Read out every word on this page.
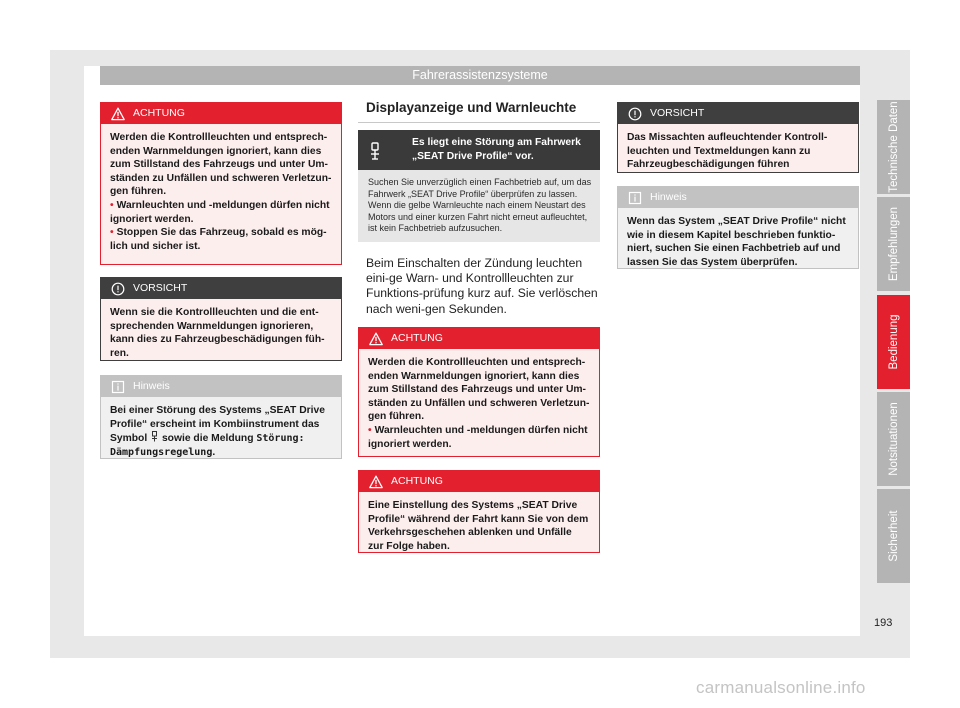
Fahrerassistenzsysteme
ACHTUNG
Werden die Kontrollleuchten und entsprech-enden Warnmeldungen ignoriert, kann dies zum Stillstand des Fahrzeugs und unter Um-ständen zu Unfällen und schweren Verletzun-gen führen.
• Warnleuchten und -meldungen dürfen nicht ignoriert werden.
• Stoppen Sie das Fahrzeug, sobald es mög-lich und sicher ist.
VORSICHT
Wenn sie die Kontrollleuchten und die ent-sprechenden Warnmeldungen ignorieren, kann dies zu Fahrzeugbeschädigungen füh-ren.
Hinweis
Bei einer Störung des Systems „SEAT Drive Profile“ erscheint im Kombiinstrument das Symbol sowie die Meldung Störung: Dämpfungsregelung.
Displayanzeige und Warnleuchte
Es liegt eine Störung am Fahrwerk „SEAT Drive Profile“ vor.
Suchen Sie unverzüglich einen Fachbetrieb auf, um das Fahrwerk „SEAT Drive Profile“ überprüfen zu lassen. Wenn die gelbe Warnleuchte nach einem Neustart des Motors und einer kurzen Fahrt nicht erneut aufleuchtet, ist kein Fachbetrieb aufzusuchen.
Beim Einschalten der Zündung leuchten eini-ge Warn- und Kontrollleuchten zur Funktions-prüfung kurz auf. Sie verlöschen nach weni-gen Sekunden.
ACHTUNG
Werden die Kontrollleuchten und entsprech-enden Warnmeldungen ignoriert, kann dies zum Stillstand des Fahrzeugs und unter Um-ständen zu Unfällen und schweren Verletzun-gen führen.
• Warnleuchten und -meldungen dürfen nicht ignoriert werden.
ACHTUNG
Eine Einstellung des Systems „SEAT Drive Profile“ während der Fahrt kann Sie von dem Verkehrsgeschehen ablenken und Unfälle zur Folge haben.
VORSICHT
Das Missachten aufleuchtender Kontroll-leuchten und Textmeldungen kann zu Fahrzeugbeschädigungen führen
Hinweis
Wenn das System „SEAT Drive Profile“ nicht wie in diesem Kapitel beschrieben funktio-niert, suchen Sie einen Fachbetrieb auf und lassen Sie das System überprüfen.
Technische Daten
Empfehlungen
Bedienung
Notsituationen
Sicherheit
193
carmanualsonline.info
